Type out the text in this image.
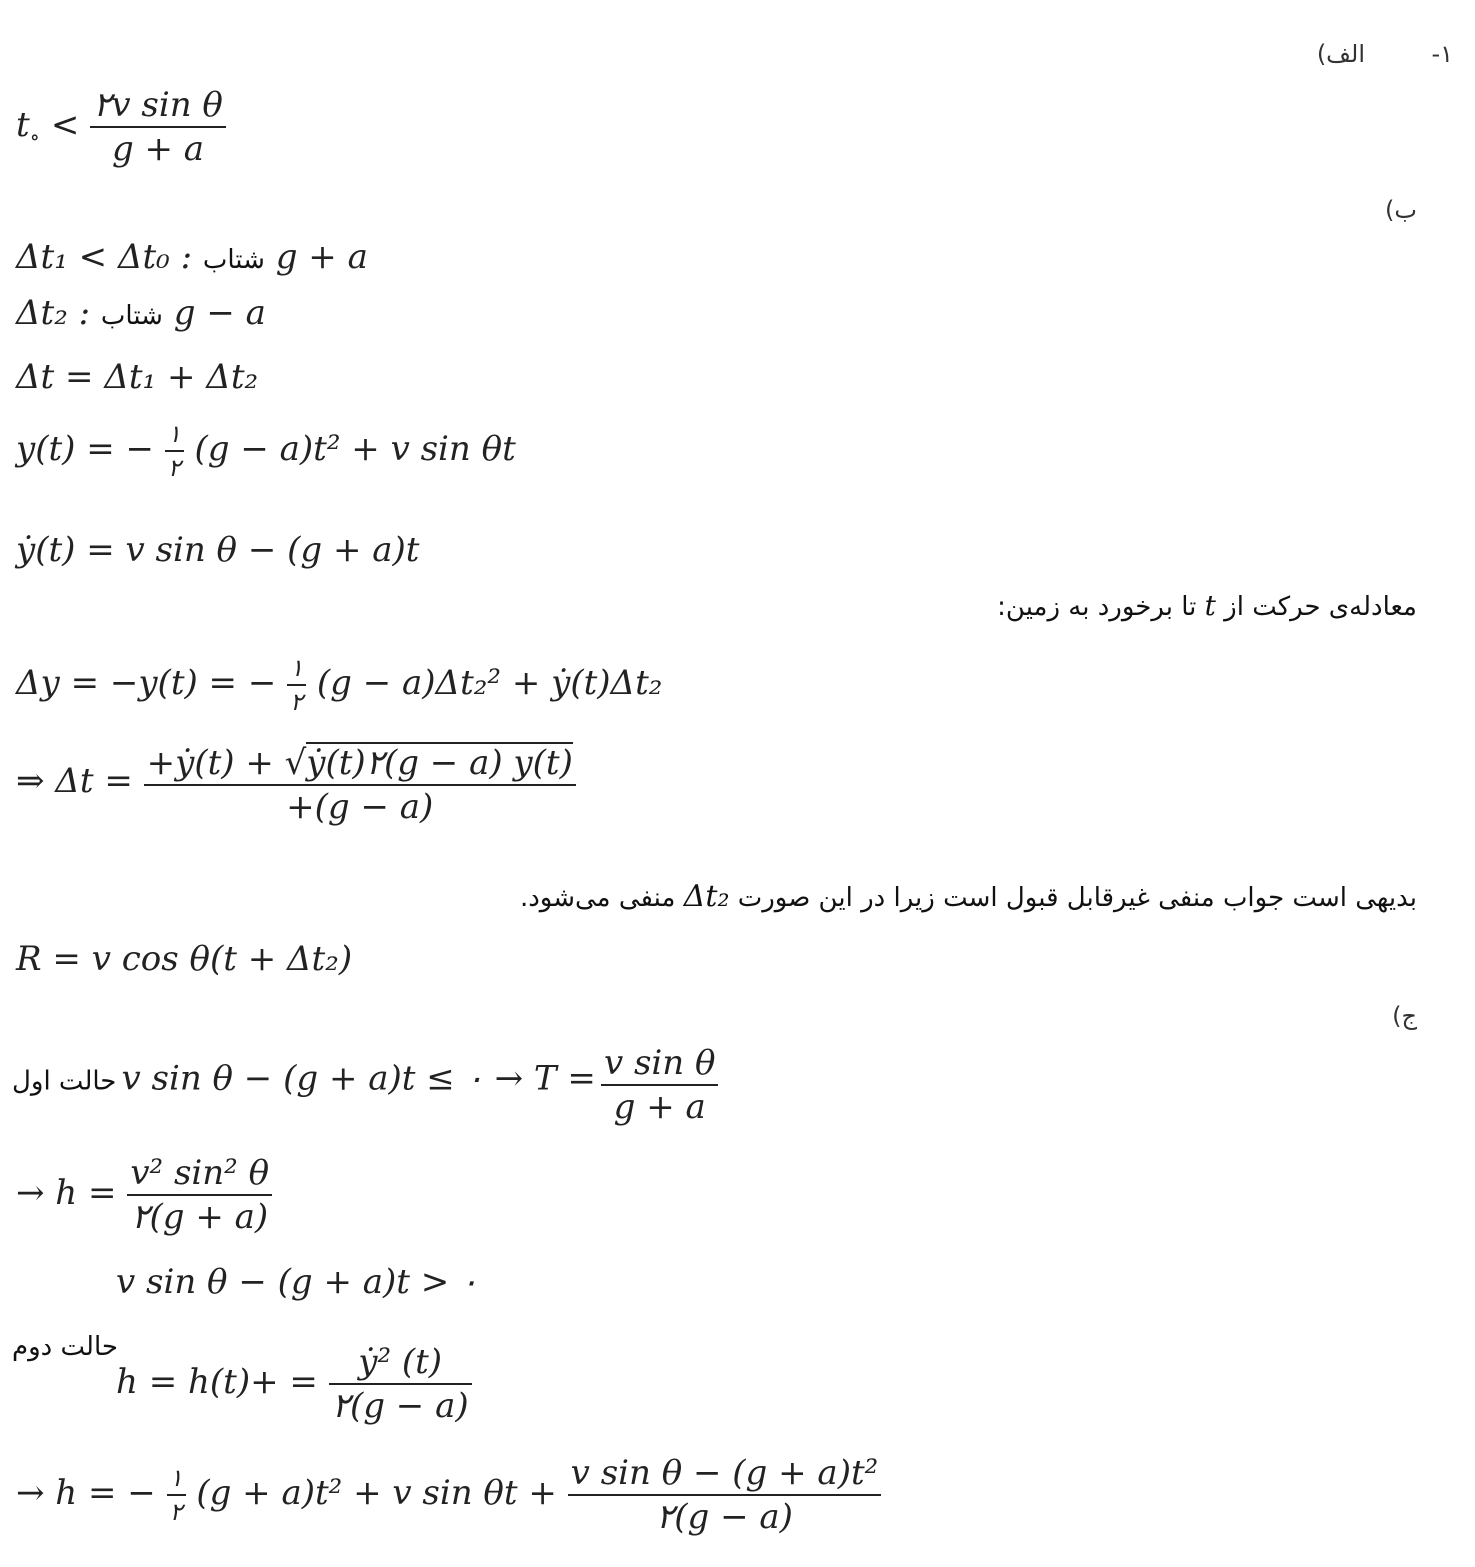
۱-
الف)
$t_\circ < \frac{\text{۲v sin θ}}{g + a}$
ب)
Δt₁ < Δt₀ : شتاب g + a
Δt₂ : شتاب g − a
Δt = Δt₁ + Δt₂
y(t) = − $\frac{۱}{۲} (g - a)t^2 + v$ sin θt
ẏ(t) = v sin θ − (g + a)t
معادله‌ی حرکت از t تا برخورد به زمین:
Δy = −y(t) = − $\frac{۱}{۲} (g - a)\Delta t_2^2$ + ẏ(t)Δt₂
⇒ $\Delta t = \frac{\text{+ẏ(t) + √ẏ(t)۲(g − a) y(t)}}{+(g - a)}$
بدیهی است جواب منفی غیرقابل قبول است زیرا در این صورت Δt₂ منفی می‌شود.
R = v cos θ(t + Δt₂)
ج)
حالت اول v sin θ − (g + a)t ≤ ۰ → $T = \frac{\text{v sin θ}}{g + a}$
→ $h = \frac{\text{v² sin² θ}}{۲(g + a)}$
v sin θ − (g + a)t > ۰
حالت دوم
$h = h(t)+ = \frac{\text{ẏ² (t)}}{۲(g - a)}$
→ h = − $\frac{۱}{۲} (g + a)t^2 + v$ $\sin \theta t + \frac{\text{v sin θ − (g + a)t²}}{۲(g - a)}$
